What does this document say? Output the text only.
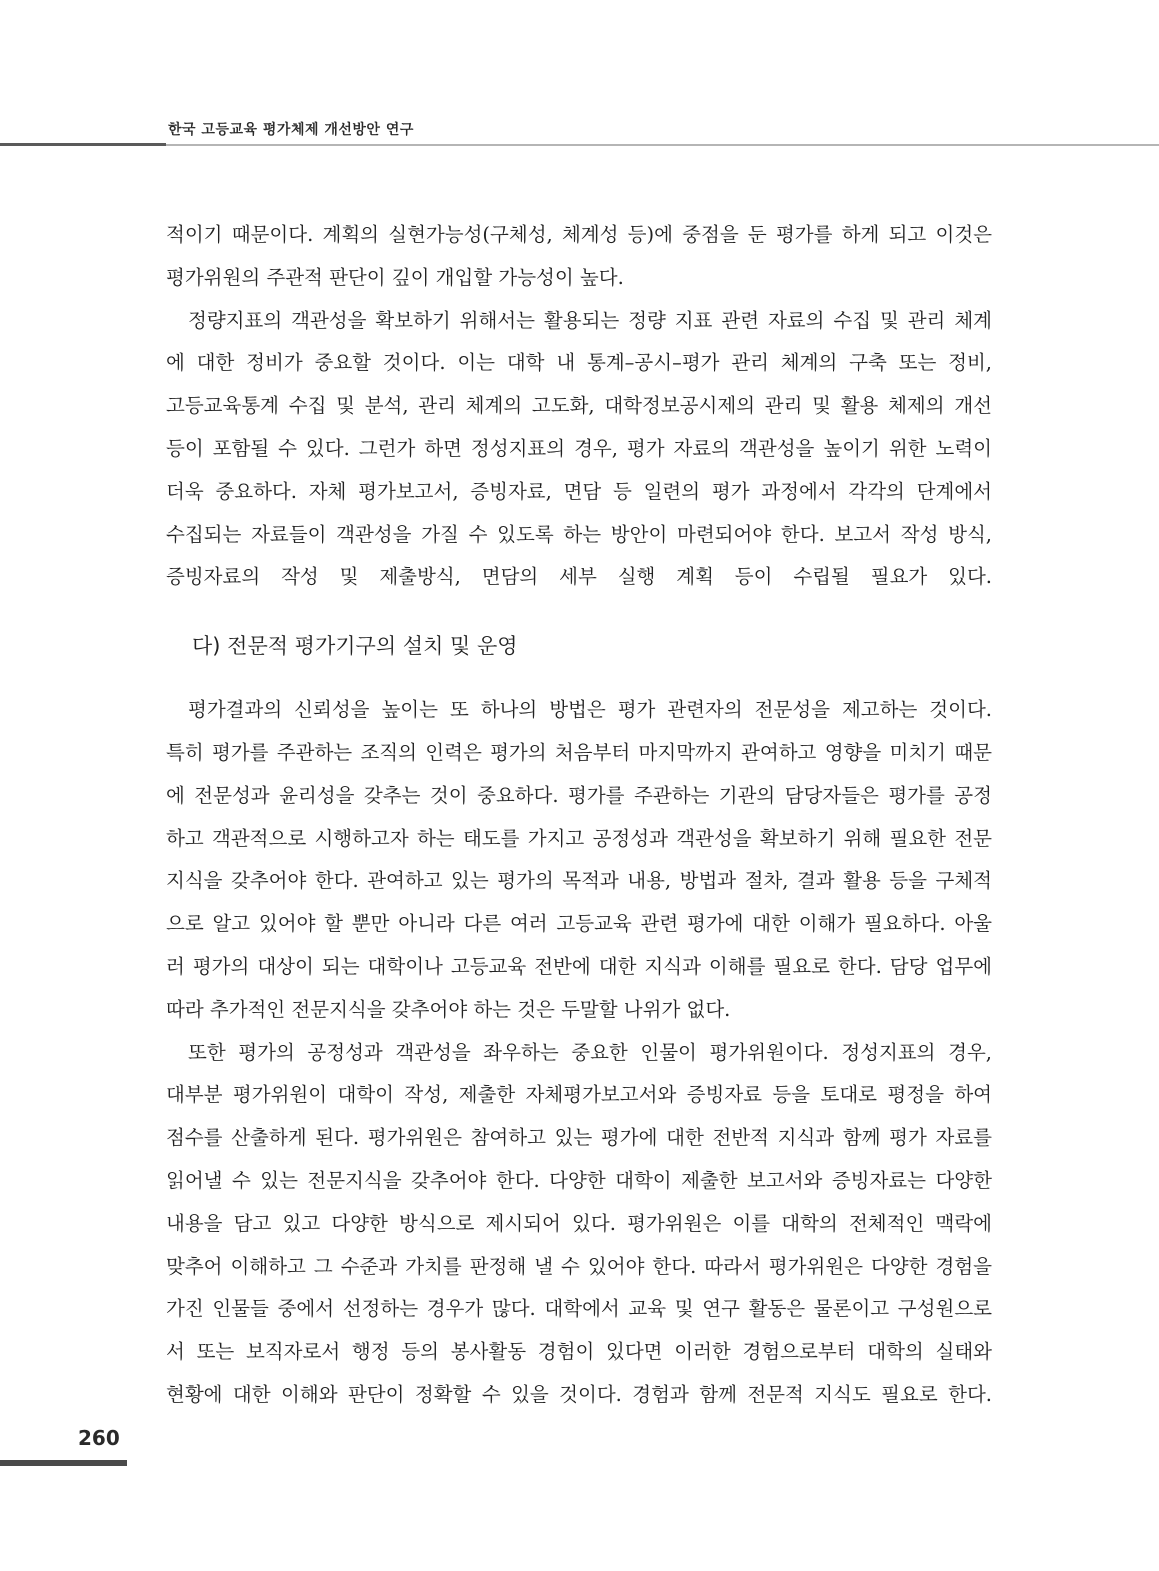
한국 고등교육 평가체제 개선방안 연구

적이기 때문이다. 계획의 실현가능성(구체성, 체계성 등)에 중점을 둔 평가를 하게 되고 이것은

평가위원의 주관적 판단이 깊이 개입할 가능성이 높다.

정량지표의 객관성을 확보하기 위해서는 활용되는 정량 지표 관련 자료의 수집 및 관리 체계

에 대한 정비가 중요할 것이다. 이는 대학 내 통계–공시–평가 관리 체계의 구축 또는 정비,

고등교육통계 수집 및 분석, 관리 체계의 고도화, 대학정보공시제의 관리 및 활용 체제의 개선

등이 포함될 수 있다. 그런가 하면 정성지표의 경우, 평가 자료의 객관성을 높이기 위한 노력이

더욱 중요하다. 자체 평가보고서, 증빙자료, 면담 등 일련의 평가 과정에서 각각의 단계에서

수집되는 자료들이 객관성을 가질 수 있도록 하는 방안이 마련되어야 한다. 보고서 작성 방식,

증빙자료의 작성 및 제출방식, 면담의 세부 실행 계획 등이 수립될 필요가 있다.

다) 전문적 평가기구의 설치 및 운영

평가결과의 신뢰성을 높이는 또 하나의 방법은 평가 관련자의 전문성을 제고하는 것이다.

특히 평가를 주관하는 조직의 인력은 평가의 처음부터 마지막까지 관여하고 영향을 미치기 때문

에 전문성과 윤리성을 갖추는 것이 중요하다. 평가를 주관하는 기관의 담당자들은 평가를 공정

하고 객관적으로 시행하고자 하는 태도를 가지고 공정성과 객관성을 확보하기 위해 필요한 전문

지식을 갖추어야 한다. 관여하고 있는 평가의 목적과 내용, 방법과 절차, 결과 활용 등을 구체적

으로 알고 있어야 할 뿐만 아니라 다른 여러 고등교육 관련 평가에 대한 이해가 필요하다. 아울

러 평가의 대상이 되는 대학이나 고등교육 전반에 대한 지식과 이해를 필요로 한다. 담당 업무에

따라 추가적인 전문지식을 갖추어야 하는 것은 두말할 나위가 없다.

또한 평가의 공정성과 객관성을 좌우하는 중요한 인물이 평가위원이다. 정성지표의 경우,

대부분 평가위원이 대학이 작성, 제출한 자체평가보고서와 증빙자료 등을 토대로 평정을 하여

점수를 산출하게 된다. 평가위원은 참여하고 있는 평가에 대한 전반적 지식과 함께 평가 자료를

읽어낼 수 있는 전문지식을 갖추어야 한다. 다양한 대학이 제출한 보고서와 증빙자료는 다양한

내용을 담고 있고 다양한 방식으로 제시되어 있다. 평가위원은 이를 대학의 전체적인 맥락에

맞추어 이해하고 그 수준과 가치를 판정해 낼 수 있어야 한다. 따라서 평가위원은 다양한 경험을

가진 인물들 중에서 선정하는 경우가 많다. 대학에서 교육 및 연구 활동은 물론이고 구성원으로

서 또는 보직자로서 행정 등의 봉사활동 경험이 있다면 이러한 경험으로부터 대학의 실태와

현황에 대한 이해와 판단이 정확할 수 있을 것이다. 경험과 함께 전문적 지식도 필요로 한다.

260
